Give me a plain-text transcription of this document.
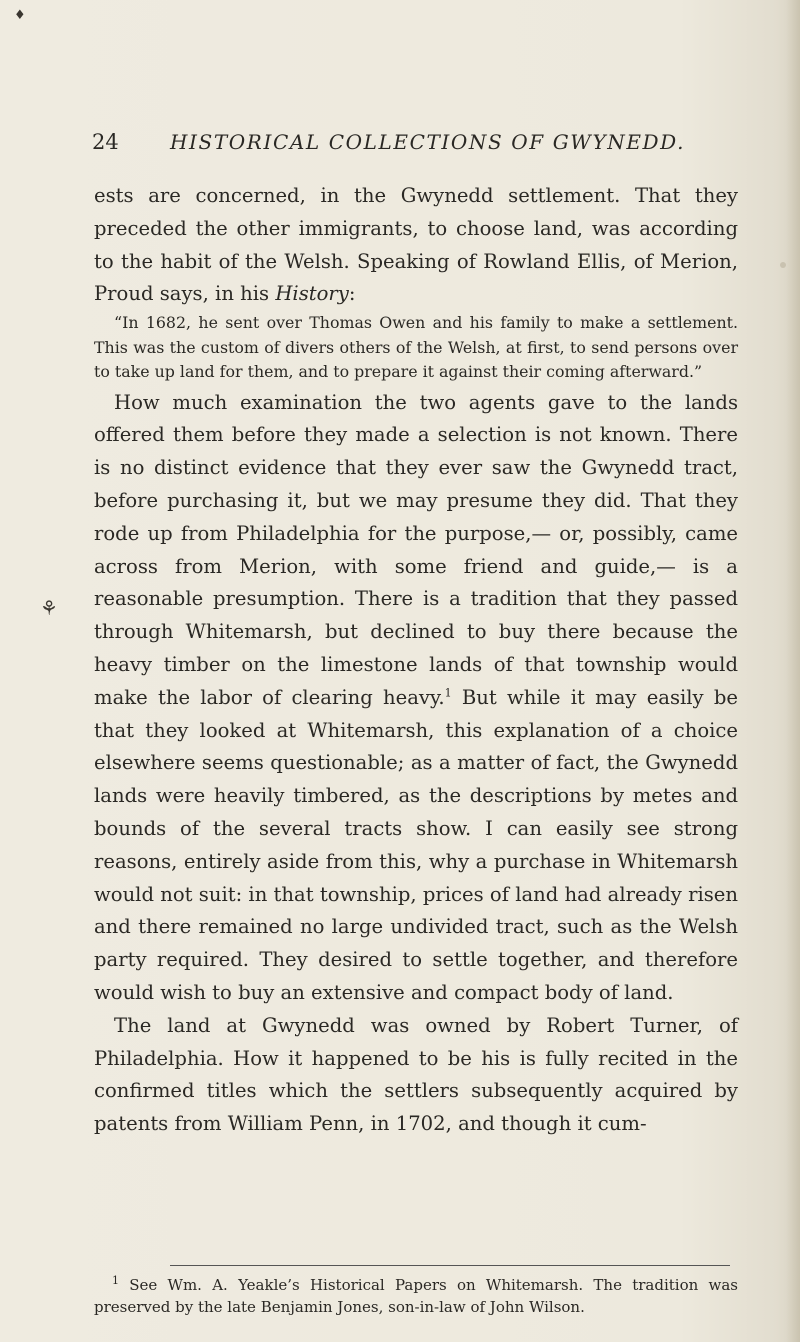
♦
⚘
24	HISTORICAL COLLECTIONS OF GWYNEDD.

ests are concerned, in the Gwynedd settlement. That they preceded the other immigrants, to choose land, was according to the habit of the Welsh. Speaking of Rowland Ellis, of Merion, Proud says, in his History:

“In 1682, he sent over Thomas Owen and his family to make a settlement. This was the custom of divers others of the Welsh, at first, to send persons over to take up land for them, and to prepare it against their coming afterward.”

How much examination the two agents gave to the lands offered them before they made a selection is not known. There is no distinct evidence that they ever saw the Gwynedd tract, before purchasing it, but we may presume they did. That they rode up from Philadelphia for the purpose,— or, possibly, came across from Merion, with some friend and guide,— is a reasonable presumption. There is a tradition that they passed through Whitemarsh, but declined to buy there because the heavy timber on the limestone lands of that township would make the labor of clearing heavy.$^1$ But while it may easily be that they looked at Whitemarsh, this explanation of a choice elsewhere seems questionable; as a matter of fact, the Gwynedd lands were heavily timbered, as the descriptions by metes and bounds of the several tracts show. I can easily see strong reasons, entirely aside from this, why a purchase in Whitemarsh would not suit: in that township, prices of land had already risen and there remained no large undivided tract, such as the Welsh party required. They desired to settle together, and therefore would wish to buy an extensive and compact body of land.

The land at Gwynedd was owned by Robert Turner, of Philadelphia. How it happened to be his is fully recited in the confirmed titles which the settlers subsequently acquired by patents from William Penn, in 1702, and though it cum-

$^1$ See Wm. A. Yeakle’s Historical Papers on Whitemarsh. The tradition was preserved by the late Benjamin Jones, son-in-law of John Wilson.
